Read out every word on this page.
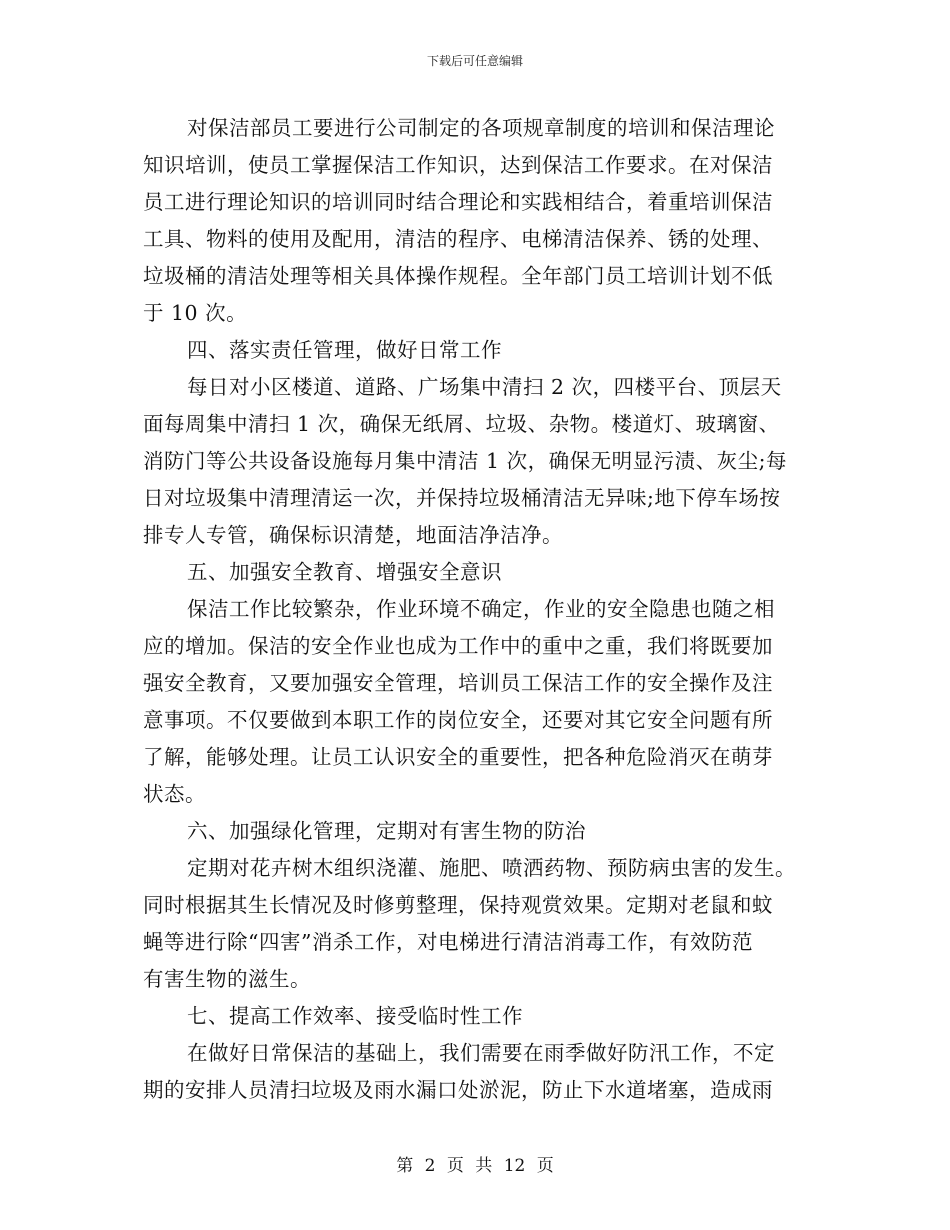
下载后可任意编辑
对保洁部员工要进行公司制定的各项规章制度的培训和保洁理论
知识培训，使员工掌握保洁工作知识，达到保洁工作要求。在对保洁
员工进行理论知识的培训同时结合理论和实践相结合，着重培训保洁
工具、物料的使用及配用，清洁的程序、电梯清洁保养、锈的处理、
垃圾桶的清洁处理等相关具体操作规程。全年部门员工培训计划不低
于 10 次。
四、落实责任管理，做好日常工作
每日对小区楼道、道路、广场集中清扫 2 次，四楼平台、顶层天
面每周集中清扫 1 次，确保无纸屑、垃圾、杂物。楼道灯、玻璃窗、
消防门等公共设备设施每月集中清洁 1 次，确保无明显污渍、灰尘;每
日对垃圾集中清理清运一次，并保持垃圾桶清洁无异味;地下停车场按
排专人专管，确保标识清楚，地面洁净洁净。
五、加强安全教育、增强安全意识
保洁工作比较繁杂，作业环境不确定，作业的安全隐患也随之相
应的增加。保洁的安全作业也成为工作中的重中之重，我们将既要加
强安全教育，又要加强安全管理，培训员工保洁工作的安全操作及注
意事项。不仅要做到本职工作的岗位安全，还要对其它安全问题有所
了解，能够处理。让员工认识安全的重要性，把各种危险消灭在萌芽
状态。
六、加强绿化管理，定期对有害生物的防治
定期对花卉树木组织浇灌、施肥、喷洒药物、预防病虫害的发生。
同时根据其生长情况及时修剪整理，保持观赏效果。定期对老鼠和蚊
蝇等进行除“四害”消杀工作，对电梯进行清洁消毒工作，有效防范
有害生物的滋生。
七、提高工作效率、接受临时性工作
在做好日常保洁的基础上，我们需要在雨季做好防汛工作，不定
期的安排人员清扫垃圾及雨水漏口处淤泥，防止下水道堵塞，造成雨
第 2 页 共 12 页
